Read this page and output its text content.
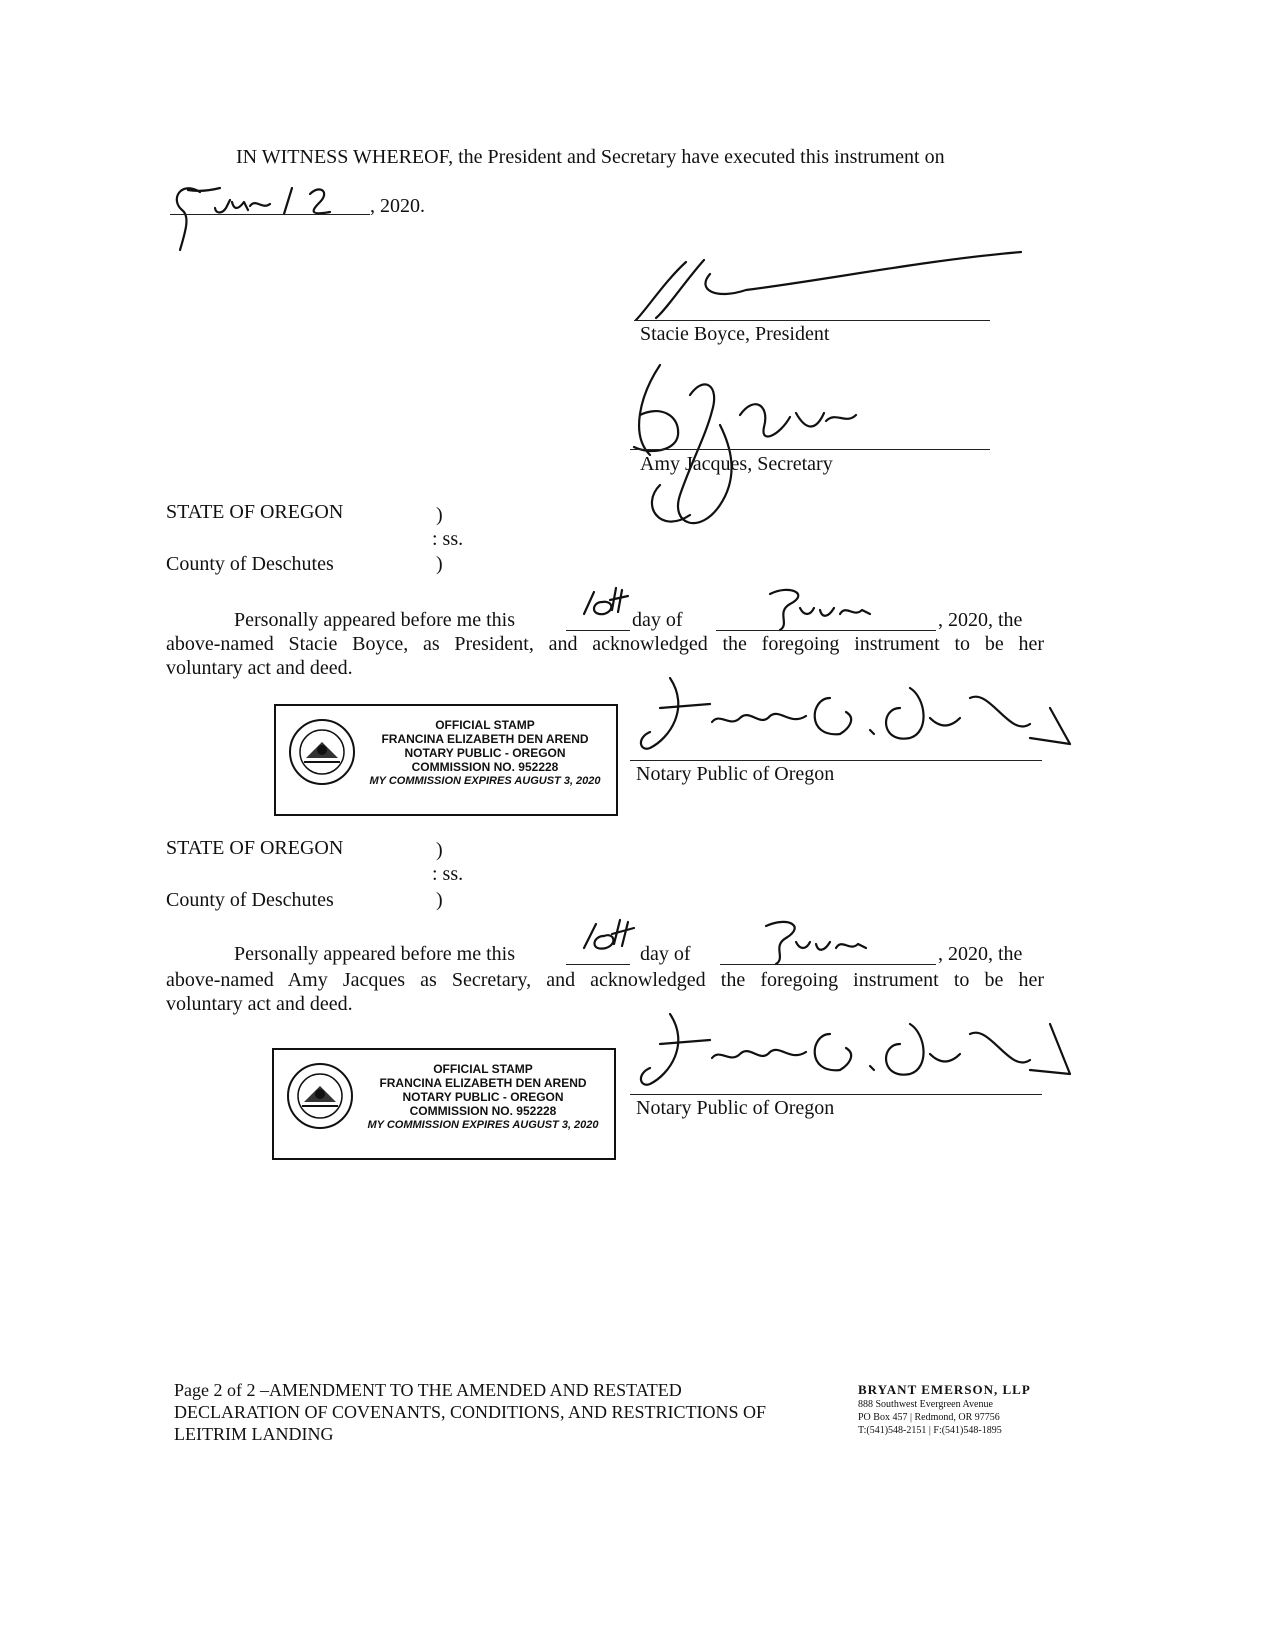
IN WITNESS WHEREOF, the President and Secretary have executed this instrument on
, 2020.
Stacie Boyce, President
Amy Jacques, Secretary
STATE OF OREGON	)
: ss.
County of Deschutes	)
Personally appeared before me this	day of	, 2020, the
above-named Stacie Boyce, as President, and acknowledged the foregoing instrument to be her
voluntary act and deed.
Notary Public of Oregon
OFFICIAL STAMP
FRANCINA ELIZABETH DEN AREND
NOTARY PUBLIC - OREGON
COMMISSION NO. 952228
MY COMMISSION EXPIRES AUGUST 3, 2020
STATE OF OREGON	)
: ss.
County of Deschutes	)
Personally appeared before me this	day of	, 2020, the
above-named Amy Jacques as Secretary, and acknowledged the foregoing instrument to be her
voluntary act and deed.
Notary Public of Oregon
OFFICIAL STAMP
FRANCINA ELIZABETH DEN AREND
NOTARY PUBLIC - OREGON
COMMISSION NO. 952228
MY COMMISSION EXPIRES AUGUST 3, 2020
Page 2 of 2 –AMENDMENT TO THE AMENDED AND RESTATED
DECLARATION OF COVENANTS, CONDITIONS, AND RESTRICTIONS OF
LEITRIM LANDING
BRYANT EMERSON, LLP
888 Southwest Evergreen Avenue
PO Box 457 | Redmond, OR 97756
T:(541)548-2151 | F:(541)548-1895
